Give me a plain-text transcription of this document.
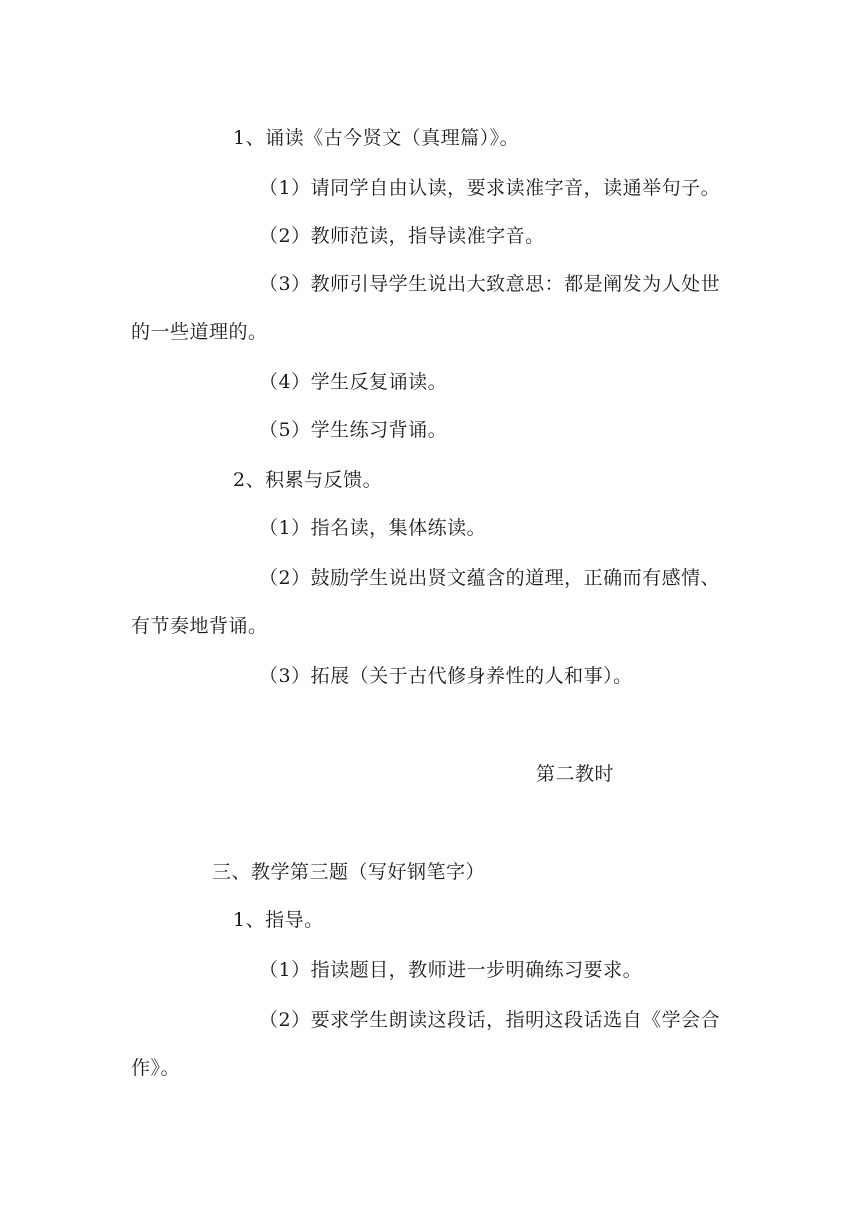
1、诵读《古今贤文（真理篇）》。
（1）请同学自由认读，要求读准字音，读通举句子。
（2）教师范读，指导读准字音。
（3）教师引导学生说出大致意思：都是阐发为人处世
的一些道理的。
（4）学生反复诵读。
（5）学生练习背诵。
2、积累与反馈。
（1）指名读，集体练读。
（2）鼓励学生说出贤文蕴含的道理，正确而有感情、
有节奏地背诵。
（3）拓展（关于古代修身养性的人和事）。
第二教时
三、教学第三题（写好钢笔字）
1、指导。
（1）指读题目，教师进一步明确练习要求。
（2）要求学生朗读这段话，指明这段话选自《学会合
作》。
